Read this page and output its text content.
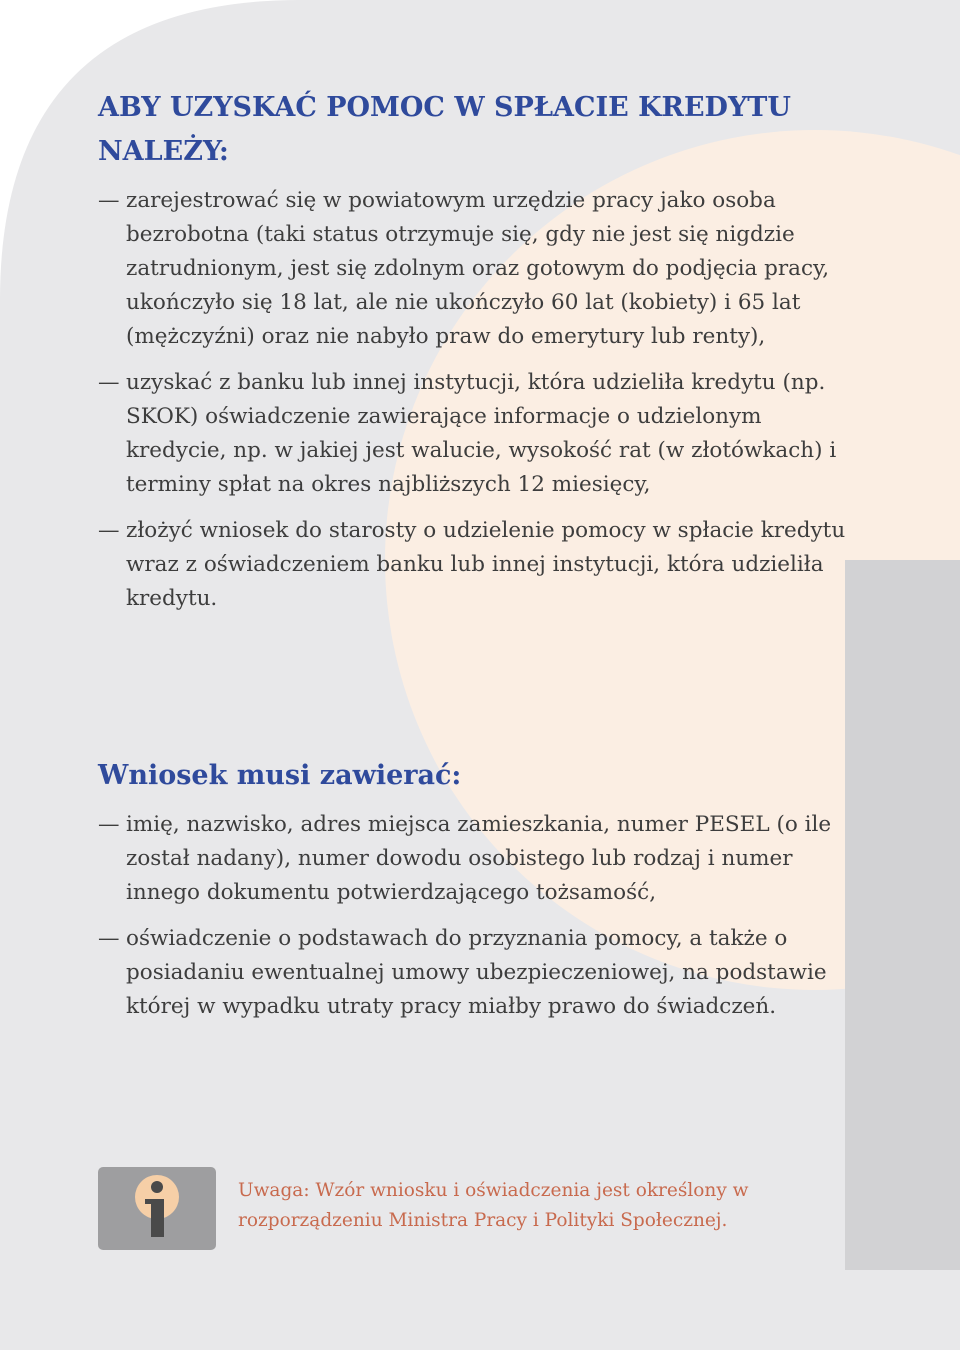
ABY UZYSKAĆ POMOC W SPŁACIE KREDYTU NALEŻY:
— zarejestrować się w powiatowym urzędzie pracy jako osoba bezrobotna (taki status otrzymuje się, gdy nie jest się nigdzie zatrudnionym, jest się zdolnym oraz gotowym do podjęcia pracy, ukończyło się 18 lat, ale nie ukończyło 60 lat (kobiety) i 65 lat (mężczyźni) oraz nie nabyło praw do emerytury lub renty),
— uzyskać z banku lub innej instytucji, która udzieliła kredytu (np. SKOK) oświadczenie zawierające informacje o udzielonym kredycie, np. w jakiej jest walucie, wysokość rat (w złotówkach) i terminy spłat na okres najbliższych 12 miesięcy,
— złożyć wniosek do starosty o udzielenie pomocy w spłacie kredytu wraz z oświadczeniem banku lub innej instytucji, która udzieliła kredytu.
Wniosek musi zawierać:
— imię, nazwisko, adres miejsca zamieszkania, numer PESEL (o ile został nadany), numer dowodu osobistego lub rodzaj i numer innego dokumentu potwierdzającego tożsamość,
— oświadczenie o podstawach do przyznania pomocy, a także o posiadaniu ewentualnej umowy ubezpieczeniowej, na podstawie której w wypadku utraty pracy miałby prawo do świadczeń.
Uwaga: Wzór wniosku i oświadczenia jest określony w rozporządzeniu Ministra Pracy i Polityki Społecznej.
